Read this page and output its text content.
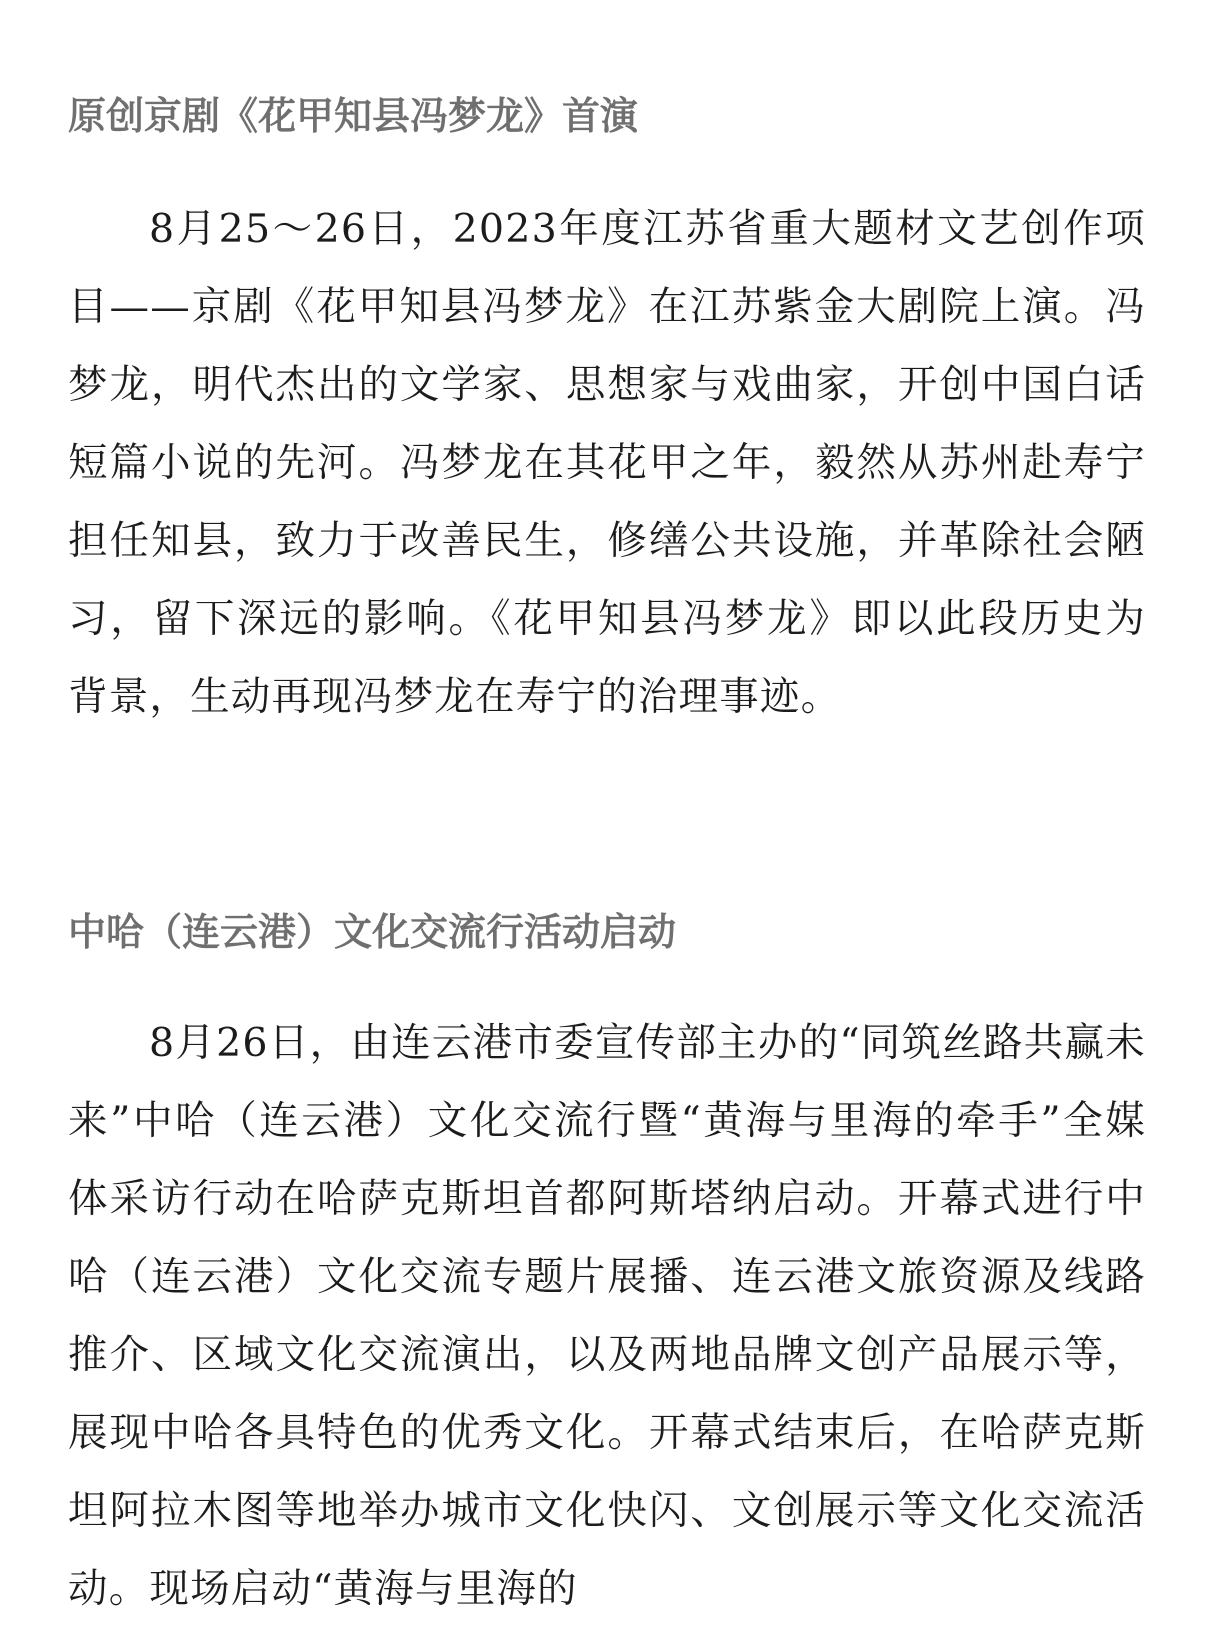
原创京剧《花甲知县冯梦龙》首演

8月25～26日，2023年度江苏省重大题材文艺创作项目——京剧《花甲知县冯梦龙》在江苏紫金大剧院上演。冯梦龙，明代杰出的文学家、思想家与戏曲家，开创中国白话短篇小说的先河。冯梦龙在其花甲之年，毅然从苏州赴寿宁担任知县，致力于改善民生，修缮公共设施，并革除社会陋习，留下深远的影响。《花甲知县冯梦龙》即以此段历史为背景，生动再现冯梦龙在寿宁的治理事迹。

中哈（连云港）文化交流行活动启动

8月26日，由连云港市委宣传部主办的“同筑丝路共赢未来”中哈（连云港）文化交流行暨“黄海与里海的牵手”全媒体采访行动在哈萨克斯坦首都阿斯塔纳启动。开幕式进行中哈（连云港）文化交流专题片展播、连云港文旅资源及线路推介、区域文化交流演出，以及两地品牌文创产品展示等，展现中哈各具特色的优秀文化。开幕式结束后，在哈萨克斯坦阿拉木图等地举办城市文化快闪、文创展示等文化交流活动。现场启动“黄海与里海的
